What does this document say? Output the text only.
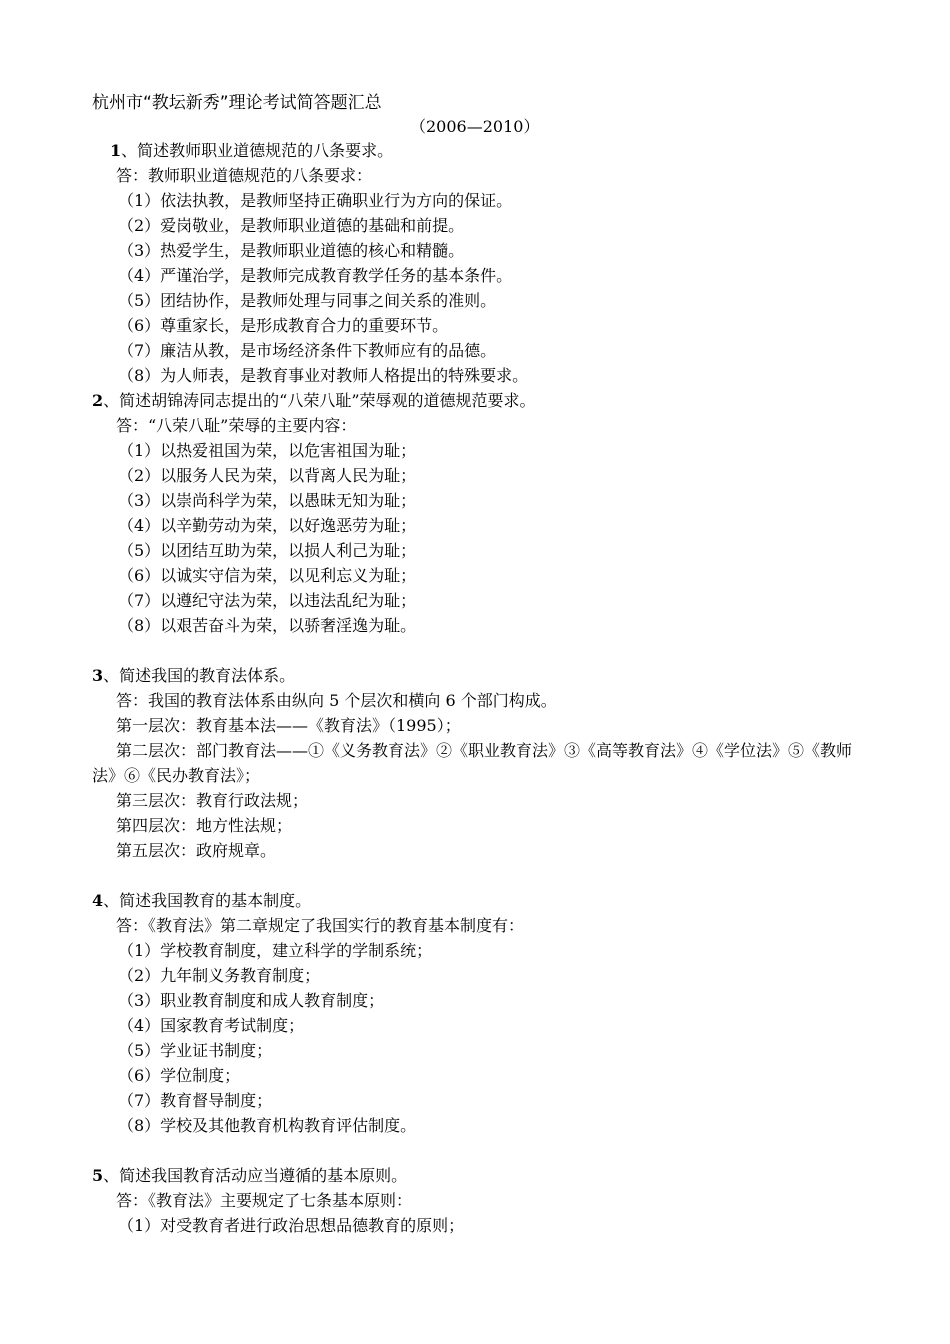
杭州市“教坛新秀”理论考试简答题汇总
（2006—2010）
1、简述教师职业道德规范的八条要求。
答：教师职业道德规范的八条要求：
（1）依法执教，是教师坚持正确职业行为方向的保证。
（2）爱岗敬业，是教师职业道德的基础和前提。
（3）热爱学生，是教师职业道德的核心和精髓。
（4）严谨治学，是教师完成教育教学任务的基本条件。
（5）团结协作，是教师处理与同事之间关系的准则。
（6）尊重家长，是形成教育合力的重要环节。
（7）廉洁从教，是市场经济条件下教师应有的品德。
（8）为人师表，是教育事业对教师人格提出的特殊要求。
2、简述胡锦涛同志提出的“八荣八耻”荣辱观的道德规范要求。
答：“八荣八耻”荣辱的主要内容：
（1）以热爱祖国为荣，以危害祖国为耻；
（2）以服务人民为荣，以背离人民为耻；
（3）以崇尚科学为荣，以愚昧无知为耻；
（4）以辛勤劳动为荣，以好逸恶劳为耻；
（5）以团结互助为荣，以损人利己为耻；
（6）以诚实守信为荣，以见利忘义为耻；
（7）以遵纪守法为荣，以违法乱纪为耻；
（8）以艰苦奋斗为荣，以骄奢淫逸为耻。
3、简述我国的教育法体系。
答：我国的教育法体系由纵向 5 个层次和横向 6 个部门构成。
第一层次：教育基本法——《教育法》（1995）；
第二层次：部门教育法——①《义务教育法》②《职业教育法》③《高等教育法》④《学位法》⑤《教师法》⑥《民办教育法》；
第三层次：教育行政法规；
第四层次：地方性法规；
第五层次：政府规章。
4、简述我国教育的基本制度。
答：《教育法》第二章规定了我国实行的教育基本制度有：
（1）学校教育制度，建立科学的学制系统；
（2）九年制义务教育制度；
（3）职业教育制度和成人教育制度；
（4）国家教育考试制度；
（5）学业证书制度；
（6）学位制度；
（7）教育督导制度；
（8）学校及其他教育机构教育评估制度。
5、简述我国教育活动应当遵循的基本原则。
答：《教育法》主要规定了七条基本原则：
（1）对受教育者进行政治思想品德教育的原则；
